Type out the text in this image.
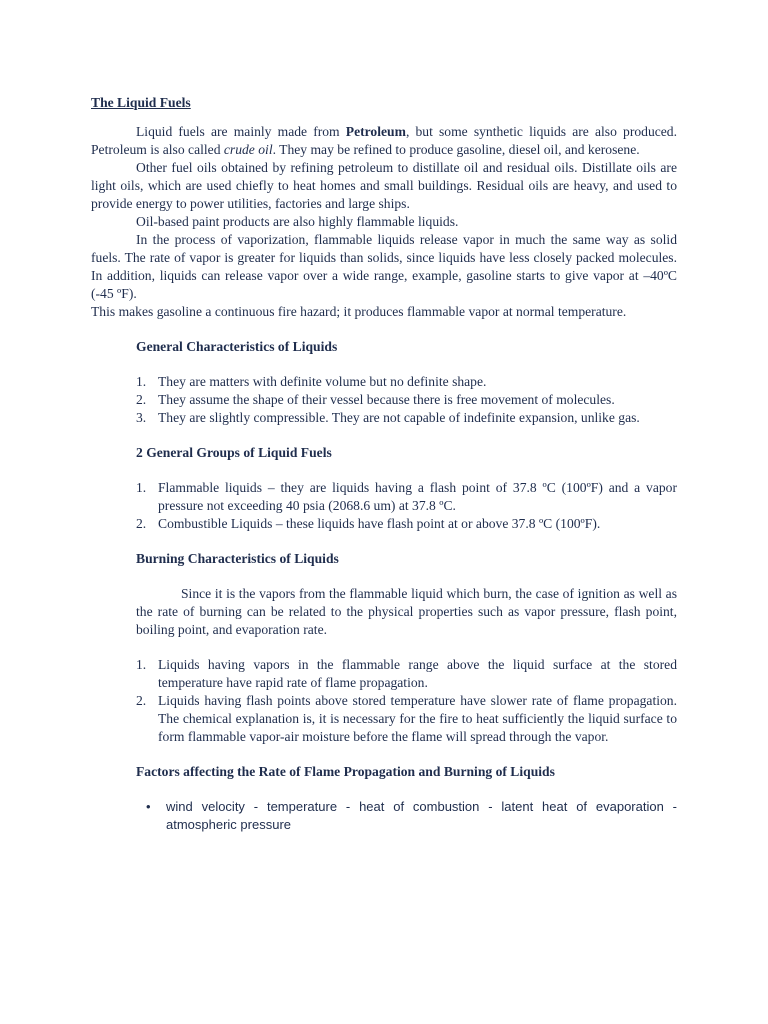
The Liquid Fuels

Liquid fuels are mainly made from Petroleum, but some synthetic liquids are also produced. Petroleum is also called crude oil. They may be refined to produce gasoline, diesel oil, and kerosene.

Other fuel oils obtained by refining petroleum to distillate oil and residual oils. Distillate oils are light oils, which are used chiefly to heat homes and small buildings. Residual oils are heavy, and used to provide energy to power utilities, factories and large ships.

Oil-based paint products are also highly flammable liquids.

In the process of vaporization, flammable liquids release vapor in much the same way as solid fuels. The rate of vapor is greater for liquids than solids, since liquids have less closely packed molecules. In addition, liquids can release vapor over a wide range, example, gasoline starts to give vapor at –40ºC (-45 ºF).

This makes gasoline a continuous fire hazard; it produces flammable vapor at normal temperature.

General Characteristics of Liquids
1. They are matters with definite volume but no definite shape.
2. They assume the shape of their vessel because there is free movement of molecules.
3. They are slightly compressible. They are not capable of indefinite expansion, unlike gas.
2 General Groups of Liquid Fuels
1. Flammable liquids – they are liquids having a flash point of 37.8 ºC (100ºF) and a vapor pressure not exceeding 40 psia (2068.6 um) at 37.8 ºC.
2. Combustible Liquids – these liquids have flash point at or above 37.8 ºC (100ºF).
Burning Characteristics of Liquids

Since it is the vapors from the flammable liquid which burn, the case of ignition as well as the rate of burning can be related to the physical properties such as vapor pressure, flash point, boiling point, and evaporation rate.

1. Liquids having vapors in the flammable range above the liquid surface at the stored temperature have rapid rate of flame propagation.
2. Liquids having flash points above stored temperature have slower rate of flame propagation. The chemical explanation is, it is necessary for the fire to heat sufficiently the liquid surface to form flammable vapor-air moisture before the flame will spread through the vapor.
Factors affecting the Rate of Flame Propagation and Burning of Liquids
• wind velocity - temperature - heat of combustion - latent heat of evaporation - atmospheric pressure
